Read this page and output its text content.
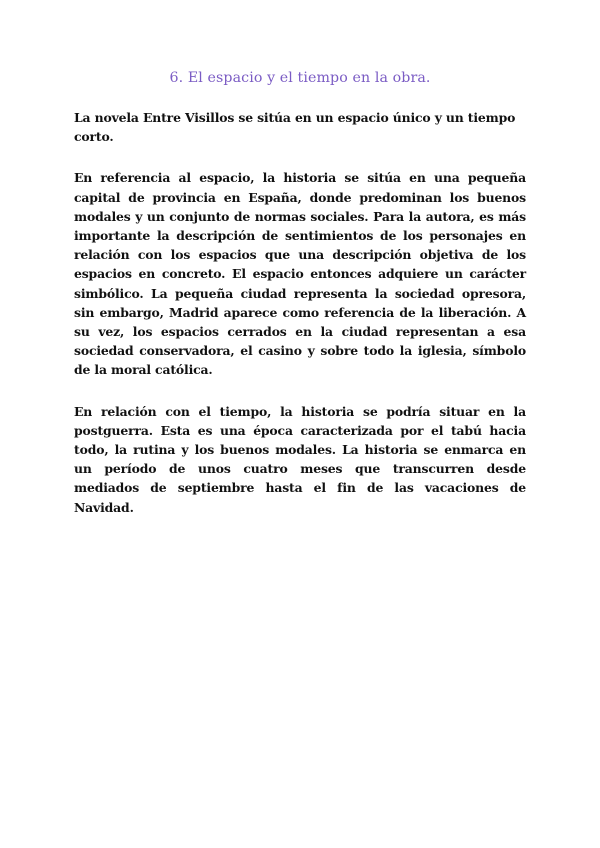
6. El espacio y el tiempo en la obra.

La novela Entre Visillos se sitúa en un espacio único y un tiempo corto.

En referencia al espacio, la historia se sitúa en una pequeña capital de provincia en España, donde predominan los buenos modales y un conjunto de normas sociales. Para la autora, es más importante la descripción de sentimientos de los personajes en relación con los espacios que una descripción objetiva de los espacios en concreto. El espacio entonces adquiere un carácter simbólico. La pequeña ciudad representa la sociedad opresora, sin embargo, Madrid aparece como referencia de la liberación. A su vez, los espacios cerrados en la ciudad representan a esa sociedad conservadora, el casino y sobre todo la iglesia, símbolo de la moral católica.

En relación con el tiempo, la historia se podría situar en la postguerra. Esta es una época caracterizada por el tabú hacia todo, la rutina y los buenos modales. La historia se enmarca en un período de unos cuatro meses que transcurren desde mediados de septiembre hasta el fin de las vacaciones de Navidad.
